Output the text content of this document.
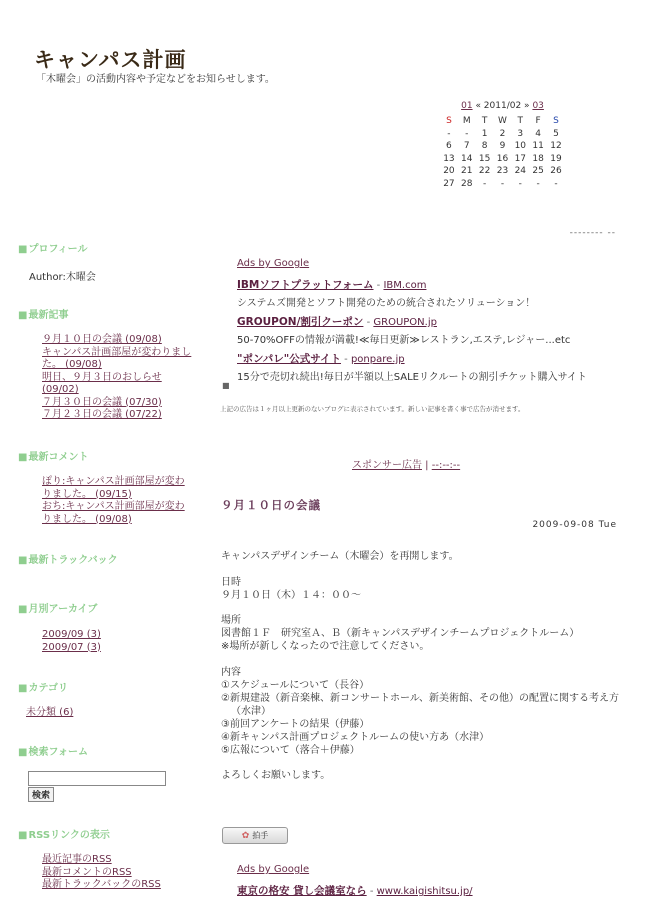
キャンパス計画
「木曜会」の活動内容や予定などをお知らせします。
01 « 2011/02 » 03
S	M	T	W	T	F	S
-	-	1	2	3	4	5
6	7	8	9	10	11	12
13	14	15	16	17	18	19
20	21	22	23	24	25	26
27	28	-	-	-	-	-
-------- --
■ プロフィール
Author:木曜会
■ 最新記事
９月１０日の会議 (09/08)
キャンパス計画部屋が変わりました。 (09/08)
明日、９月３日のおしらせ (09/02)
７月３０日の会議 (07/30)
７月２３日の会議 (07/22)
■ 最新コメント
ぽり:キャンパス計画部屋が変わりました。 (09/15)
おち:キャンパス計画部屋が変わりました。 (09/08)
■ 最新トラックバック
■ 月別アーカイブ
2009/09 (3)
2009/07 (3)
■ カテゴリ
未分類 (6)
■ 検索フォーム
検索
■ RSSリンクの表示
最近記事のRSS
最新コメントのRSS
最新トラックバックのRSS
Ads by Google
IBMソフトプラットフォーム - IBM.com
システムズ開発とソフト開発のための統合されたソリューション！
GROUPON/割引クーポン - GROUPON.jp
50-70%OFFの情報が満載!≪毎日更新≫レストラン,エステ,レジャー...etc
"ポンパレ"公式サイト - ponpare.jp
15分で売切れ続出!毎日が半額以上SALEリクルートの割引チケット購入サイト
■
上記の広告は１ヶ月以上更新のないブログに表示されています。新しい記事を書く事で広告が消せます。
スポンサー広告 | --:--:--
９月１０日の会議
2009-09-08 Tue

キャンパスデザインチーム（木曜会）を再開します。

日時
９月１０日（木）１４：００〜

場所
図書館１Ｆ　研究室Ａ、Ｂ（新キャンパスデザインチームプロジェクトルーム）
※場所が新しくなったので注意してください。

内容
①スケジュールについて（長谷）
②新規建設（新音楽棟、新コンサートホール、新美術館、その他）の配置に関する考え方
（水津）
③前回アンケートの結果（伊藤）
④新キャンパス計画プロジェクトルームの使い方あ（水津）
⑤広報について（落合＋伊藤）

よろしくお願いします。

✿ 拍手
Ads by Google
東京の格安 貸し会議室なら - www.kaigishitsu.jp/
